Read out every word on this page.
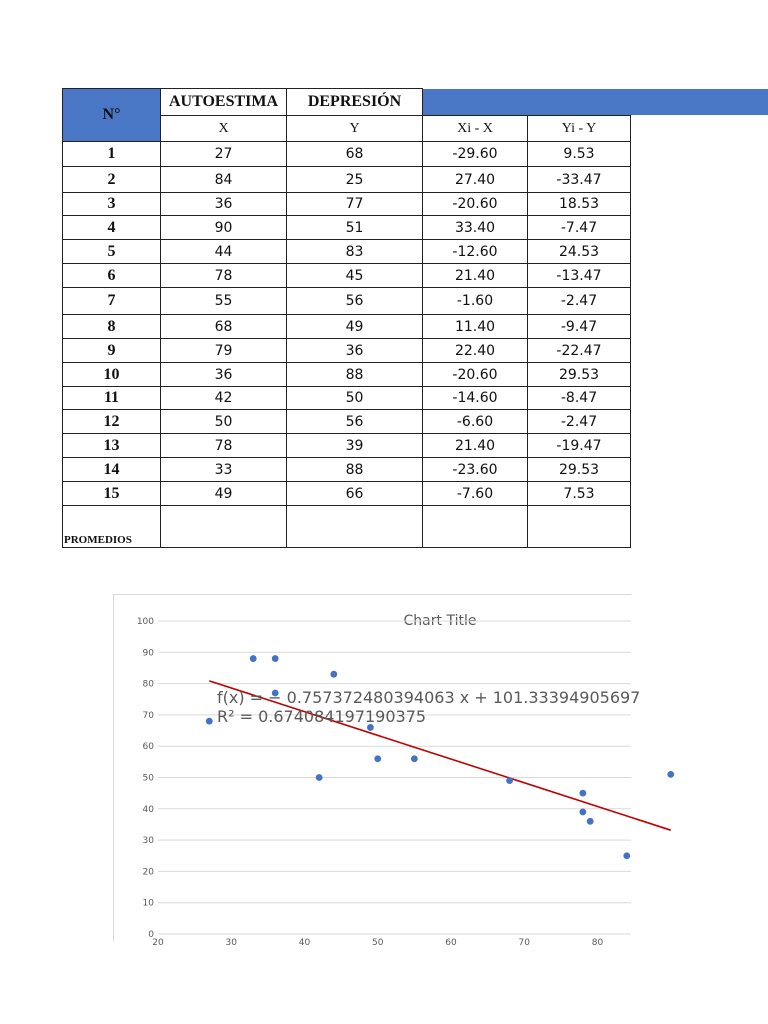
N°	AUTOESTIMA	DEPRESIÓN		
	X	Y	Xi - X	Yi - Y
1	27	68	-29.60	9.53
2	84	25	27.40	-33.47
3	36	77	-20.60	18.53
4	90	51	33.40	-7.47
5	44	83	-12.60	24.53
6	78	45	21.40	-13.47
7	55	56	-1.60	-2.47
8	68	49	11.40	-9.47
9	79	36	22.40	-22.47
10	36	88	-20.60	29.53
11	42	50	-14.60	-8.47
12	50	56	-6.60	-2.47
13	78	39	21.40	-19.47
14	33	88	-23.60	29.53
15	49	66	-7.60	7.53
PROMEDIOS				
Chart Title
0
10
20
30
40
50
60
70
80
90
100
20	30	40	50	60	70	80
f(x) = − 0.757372480394063 x + 101.33394905697
R² = 0.674084197190375
